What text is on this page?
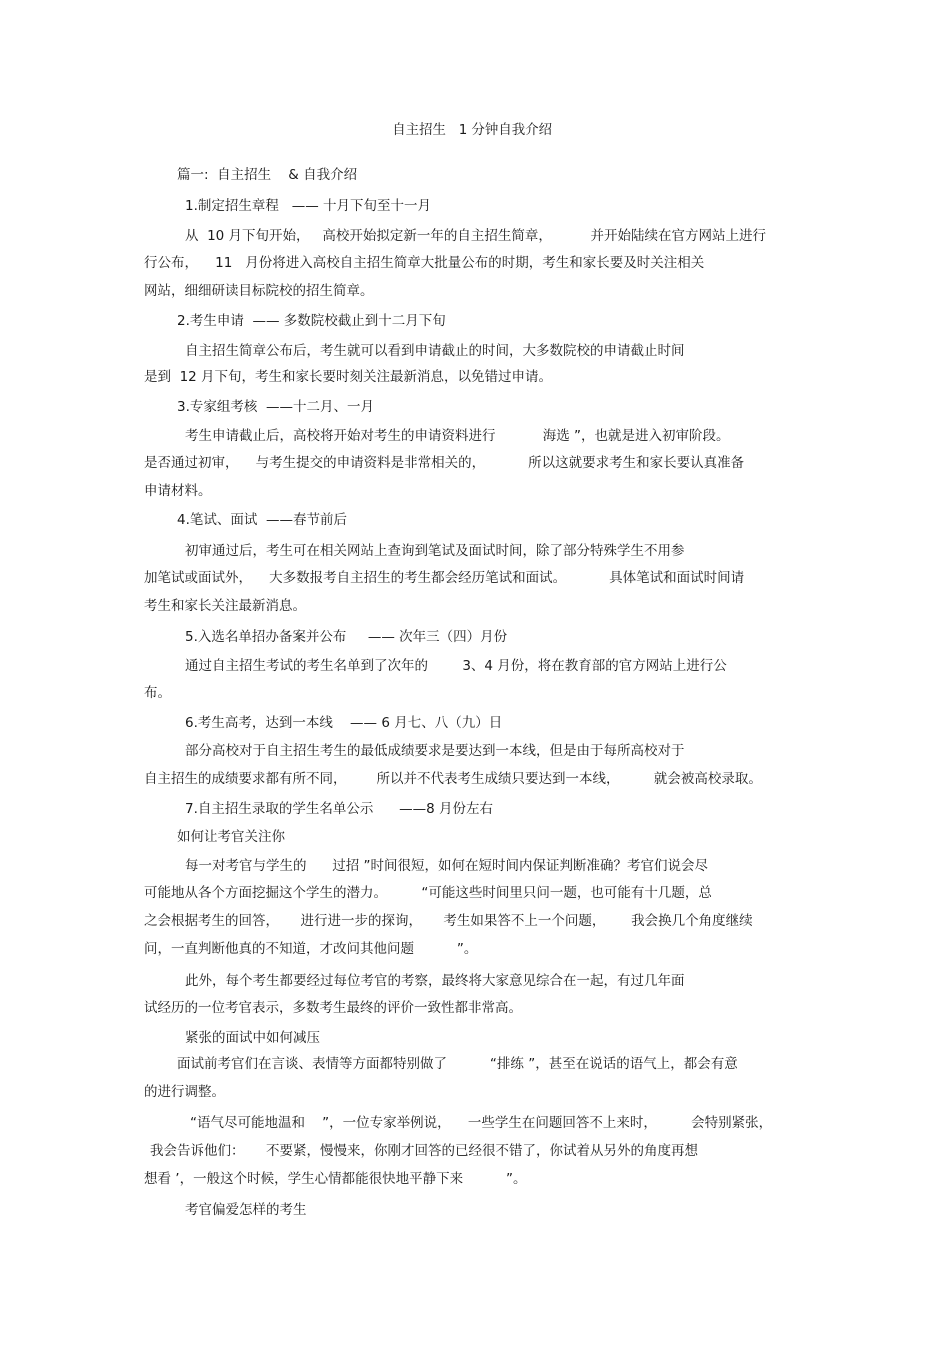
自主招生   1 分钟自我介绍
篇一:  自主招生    & 自我介绍
1.制定招生章程   —— 十月下旬至十一月
从  10 月下旬开始，   高校开始拟定新一年的自主招生简章，         并开始陆续在官方网站上进行
行公布，    11   月份将进入高校自主招生简章大批量公布的时期，考生和家长要及时关注相关
网站，细细研读目标院校的招生简章。
2.考生申请  —— 多数院校截止到十二月下旬
自主招生简章公布后，考生就可以看到申请截止的时间，大多数院校的申请截止时间
是到  12 月下旬，考生和家长要时刻关注最新消息，以免错过申请。
3.专家组考核  ——十二月、一月
考生申请截止后，高校将开始对考生的申请资料进行           海选 ”，也就是进入初审阶段。
是否通过初审，    与考生提交的申请资料是非常相关的，          所以这就要求考生和家长要认真准备
申请材料。
4.笔试、面试  ——春节前后
初审通过后，考生可在相关网站上查询到笔试及面试时间，除了部分特殊学生不用参
加笔试或面试外，    大多数报考自主招生的考生都会经历笔试和面试。          具体笔试和面试时间请
考生和家长关注最新消息。
5.入选名单招办备案并公布     —— 次年三（四）月份
通过自主招生考试的考生名单到了次年的        3、4 月份，将在教育部的官方网站上进行公
布。
6.考生高考，达到一本线    —— 6 月七、八（九）日
部分高校对于自主招生考生的最低成绩要求是要达到一本线，但是由于每所高校对于
自主招生的成绩要求都有所不同，       所以并不代表考生成绩只要达到一本线，        就会被高校录取。
7.自主招生录取的学生名单公示      ——8 月份左右
如何让考官关注你
每一对考官与学生的      过招 ”时间很短，如何在短时间内保证判断准确？考官们说会尽
可能地从各个方面挖掘这个学生的潜力。        “可能这些时间里只问一题，也可能有十几题，总
之会根据考生的回答，     进行进一步的探询，     考生如果答不上一个问题，      我会换几个角度继续
问，一直判断他真的不知道，才改问其他问题          ”。
此外，每个考生都要经过每位考官的考察，最终将大家意见综合在一起，有过几年面
试经历的一位考官表示，多数考生最终的评价一致性都非常高。
紧张的面试中如何减压
面试前考官们在言谈、表情等方面都特别做了          “排练 ”，甚至在说话的语气上，都会有意
的进行调整。
“语气尽可能地温和    ”，一位专家举例说，    一些学生在问题回答不上来时，        会特别紧张，
我会告诉他们：     不要紧，慢慢来，你刚才回答的已经很不错了，你试着从另外的角度再想
想看 ’，一般这个时候，学生心情都能很快地平静下来          ”。
考官偏爱怎样的考生
